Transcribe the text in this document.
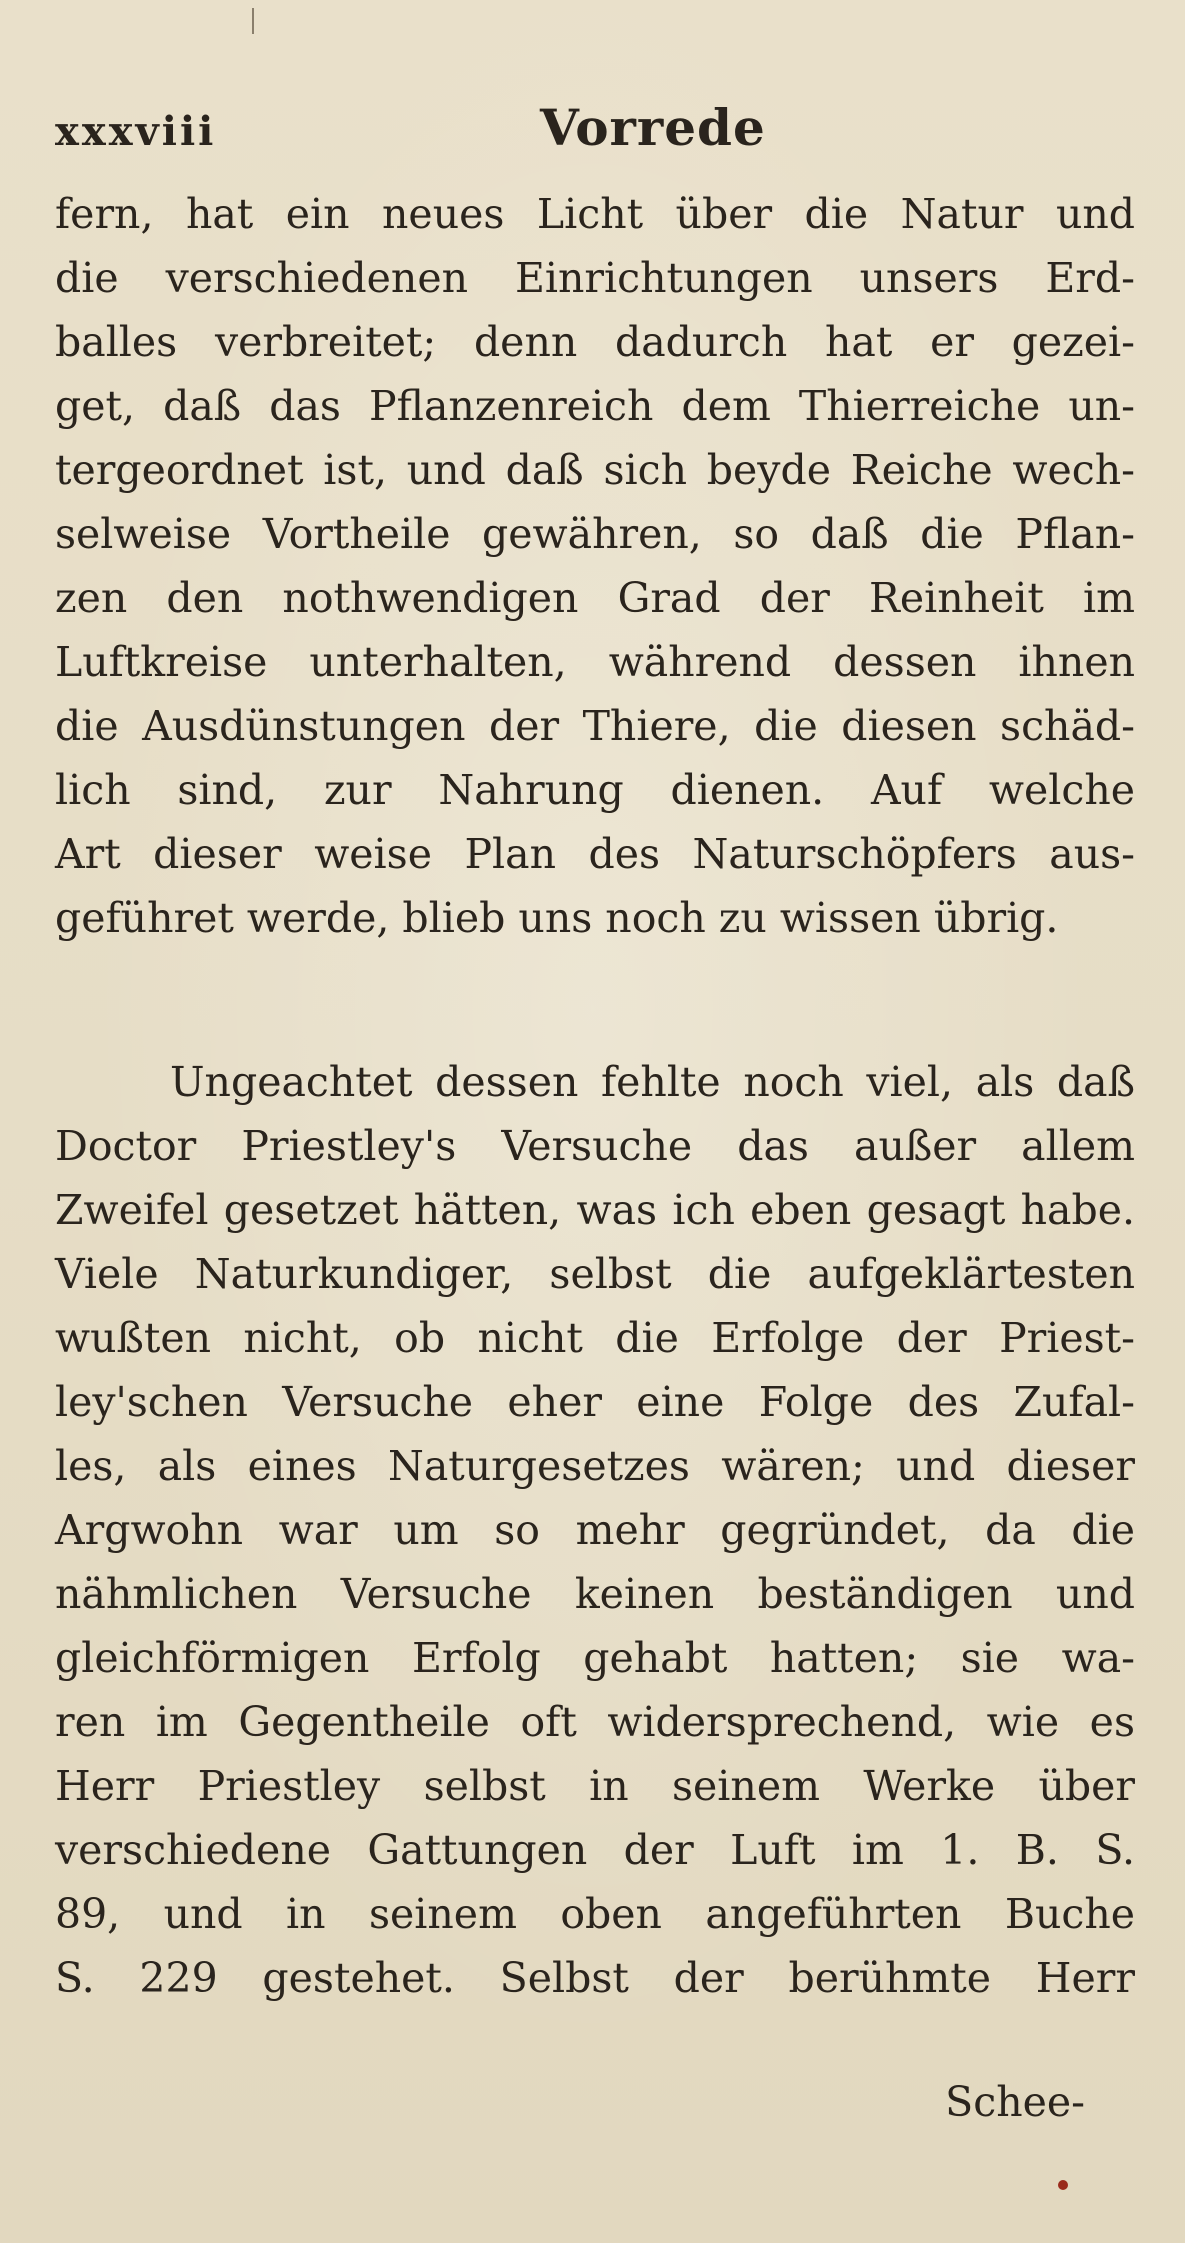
xxxviii	Vorrede
fern, hat ein neues Licht über die Natur und
die verschiedenen Einrichtungen unsers Erd-
balles verbreitet; denn dadurch hat er gezei-
get, daß das Pflanzenreich dem Thierreiche un-
tergeordnet ist, und daß sich beyde Reiche wech-
selweise Vortheile gewähren, so daß die Pflan-
zen den nothwendigen Grad der Reinheit im
Luftkreise unterhalten, während dessen ihnen
die Ausdünstungen der Thiere, die diesen schäd-
lich sind, zur Nahrung dienen. Auf welche
Art dieser weise Plan des Naturschöpfers aus-
geführet werde, blieb uns noch zu wissen übrig.
Ungeachtet dessen fehlte noch viel, als daß
Doctor Priestley's Versuche das außer allem
Zweifel gesetzet hätten, was ich eben gesagt habe.
Viele Naturkundiger, selbst die aufgeklärtesten
wußten nicht, ob nicht die Erfolge der Priest-
ley'schen Versuche eher eine Folge des Zufal-
les, als eines Naturgesetzes wären; und dieser
Argwohn war um so mehr gegründet, da die
nähmlichen Versuche keinen beständigen und
gleichförmigen Erfolg gehabt hatten; sie wa-
ren im Gegentheile oft widersprechend, wie es
Herr Priestley selbst in seinem Werke über
verschiedene Gattungen der Luft im 1. B. S.
89, und in seinem oben angeführten Buche
S. 229 gestehet. Selbst der berühmte Herr
Schee-
